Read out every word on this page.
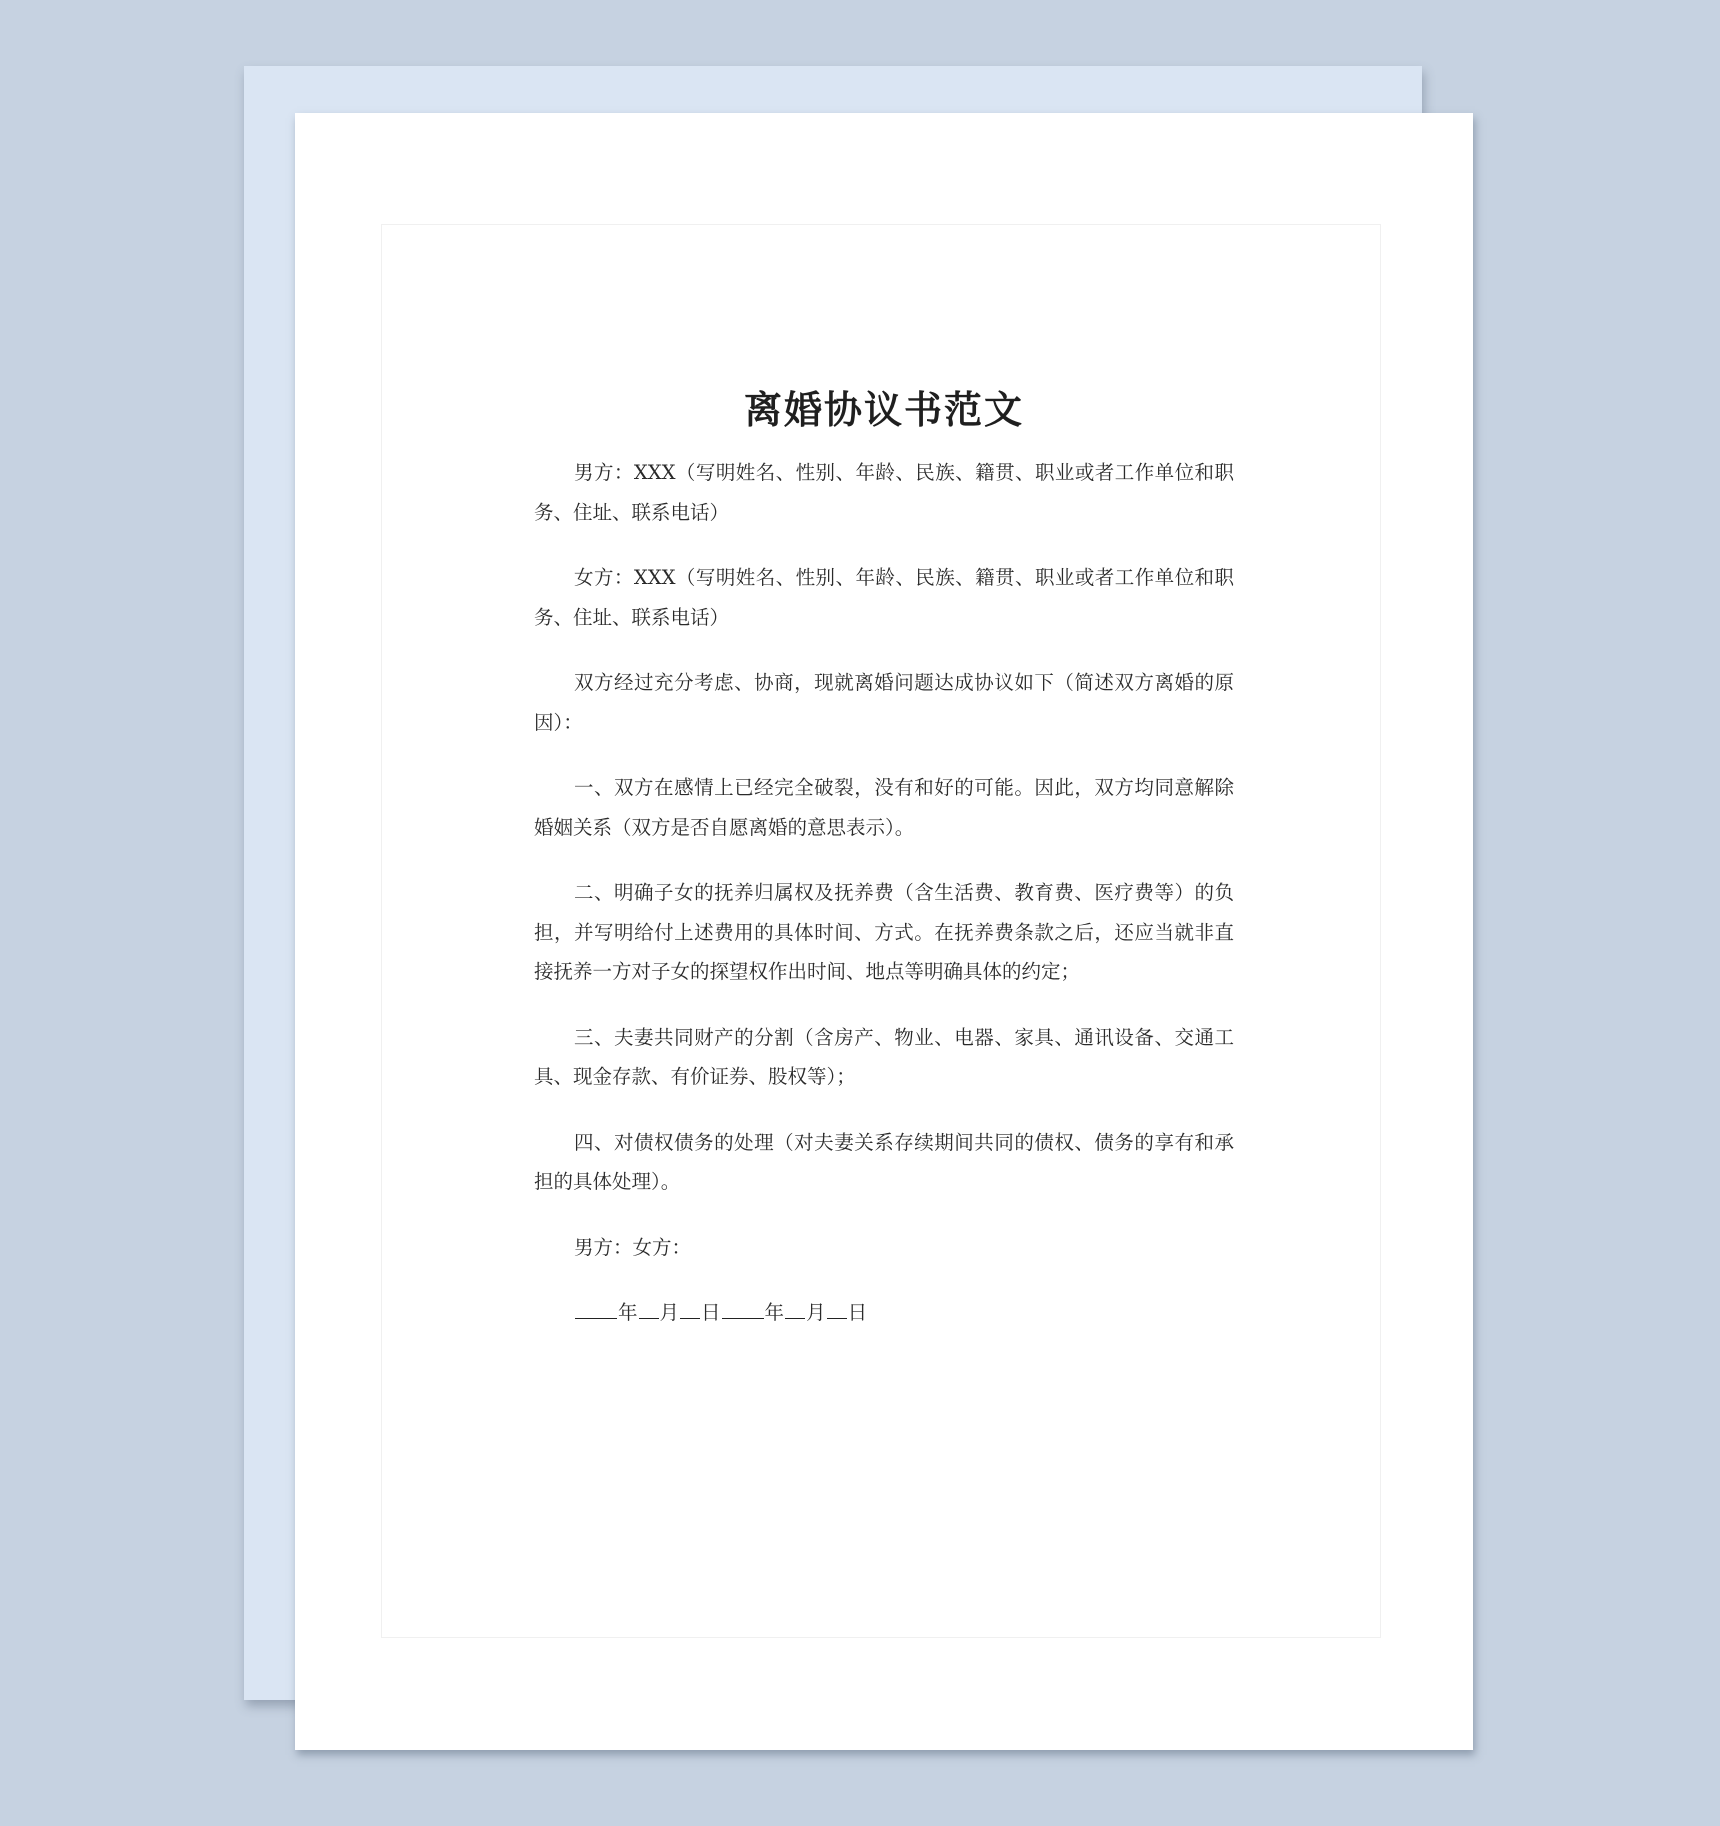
离婚协议书范文

男方：XXX（写明姓名、性别、年龄、民族、籍贯、职业或者工作单位和职务、住址、联系电话）

女方：XXX（写明姓名、性别、年龄、民族、籍贯、职业或者工作单位和职务、住址、联系电话）

双方经过充分考虑、协商，现就离婚问题达成协议如下（简述双方离婚的原因）：

一、双方在感情上已经完全破裂，没有和好的可能。因此，双方均同意解除婚姻关系（双方是否自愿离婚的意思表示）。

二、明确子女的抚养归属权及抚养费（含生活费、教育费、医疗费等）的负担，并写明给付上述费用的具体时间、方式。在抚养费条款之后，还应当就非直接抚养一方对子女的探望权作出时间、地点等明确具体的约定；

三、夫妻共同财产的分割（含房产、物业、电器、家具、通讯设备、交通工具、现金存款、有价证券、股权等）；

四、对债权债务的处理（对夫妻关系存续期间共同的债权、债务的享有和承担的具体处理）。

男方：女方：

年 月 日 年 月 日
